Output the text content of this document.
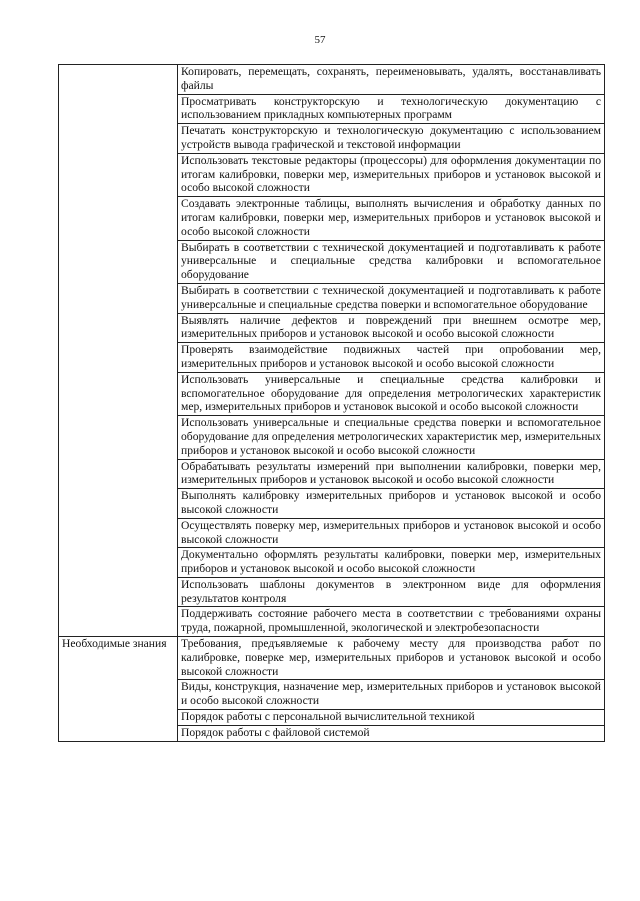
57
	Копировать, перемещать, сохранять, переименовывать, удалять, восстанавливать файлы
	Просматривать конструкторскую и технологическую документацию с использованием прикладных компьютерных программ
	Печатать конструкторскую и технологическую документацию с использованием устройств вывода графической и текстовой информации
	Использовать текстовые редакторы (процессоры) для оформления документации по итогам калибровки, поверки мер, измерительных приборов и установок высокой и особо высокой сложности
	Создавать электронные таблицы, выполнять вычисления и обработку данных по итогам калибровки, поверки мер, измерительных приборов и установок высокой и особо высокой сложности
	Выбирать в соответствии с технической документацией и подготавливать к работе универсальные и специальные средства калибровки и вспомогательное оборудование
	Выбирать в соответствии с технической документацией и подготавливать к работе универсальные и специальные средства поверки и вспомогательное оборудование
	Выявлять наличие дефектов и повреждений при внешнем осмотре мер, измерительных приборов и установок высокой и особо высокой сложности
	Проверять взаимодействие подвижных частей при опробовании мер, измерительных приборов и установок высокой и особо высокой сложности
	Использовать универсальные и специальные средства калибровки и вспомогательное оборудование для определения метрологических характеристик мер, измерительных приборов и установок высокой и особо высокой сложности
	Использовать универсальные и специальные средства поверки и вспомогательное оборудование для определения метрологических характеристик мер, измерительных приборов и установок высокой и особо высокой сложности
	Обрабатывать результаты измерений при выполнении калибровки, поверки мер, измерительных приборов и установок высокой и особо высокой сложности
	Выполнять калибровку измерительных приборов и установок высокой и особо высокой сложности
	Осуществлять поверку мер, измерительных приборов и установок высокой и особо высокой сложности
	Документально оформлять результаты калибровки, поверки мер, измерительных приборов и установок высокой и особо высокой сложности
	Использовать шаблоны документов в электронном виде для оформления результатов контроля
	Поддерживать состояние рабочего места в соответствии с требованиями охраны труда, пожарной, промышленной, экологической и электробезопасности
Необходимые знания	Требования, предъявляемые к рабочему месту для производства работ по калибровке, поверке мер, измерительных приборов и установок высокой и особо высокой сложности
	Виды, конструкция, назначение мер, измерительных приборов и установок высокой и особо высокой сложности
	Порядок работы с персональной вычислительной техникой
	Порядок работы с файловой системой
